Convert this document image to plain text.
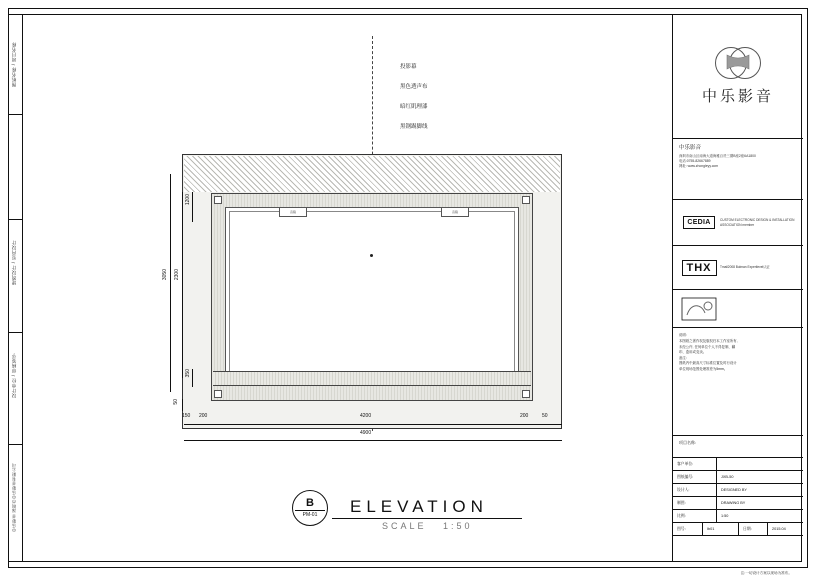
图纸名称 / 项目名称
建筑设计 / 室内设计
设计单位 / 审核签字
中乐影音 深圳市中乐影音有限公司
音箱	音箱
投影幕
黑色透声布
暗红肌理漆
黑钢踢脚线
3050 2300
1200
350
50
150 200	4200	200	50
4900
B
PM-01 ELEVATION
SCALE 1:50
中乐影音
中乐影音
深圳市南山区南海大道海雅百货三期B座2座6A1800
电话:0755-82667889
网址: www.zhongleyy.com
CEDIA	CUSTOM ELECTRONIC DESIGN & INSTALLATION ASSOCIATION member
THX	Tmall2008 Bulman Expertlevel认证
说明:
本图纸之著作权及版权归本工作室所有,
未经公许, 任何单位个人不得复制、翻
印、盗用或变卖。
备注:
图纸内中最高尺寸标准位置及时行设计
单位现场范围处理准差为5mm。
项目名称:
客户单位:
图纸编号:	JXB-50
设计人:	DESIGNED BY
制图:	DRAWING BY
比例:	1:50
图号:	Ib01	日期:	2015.04
注:一切设计方案以现场为准布。
